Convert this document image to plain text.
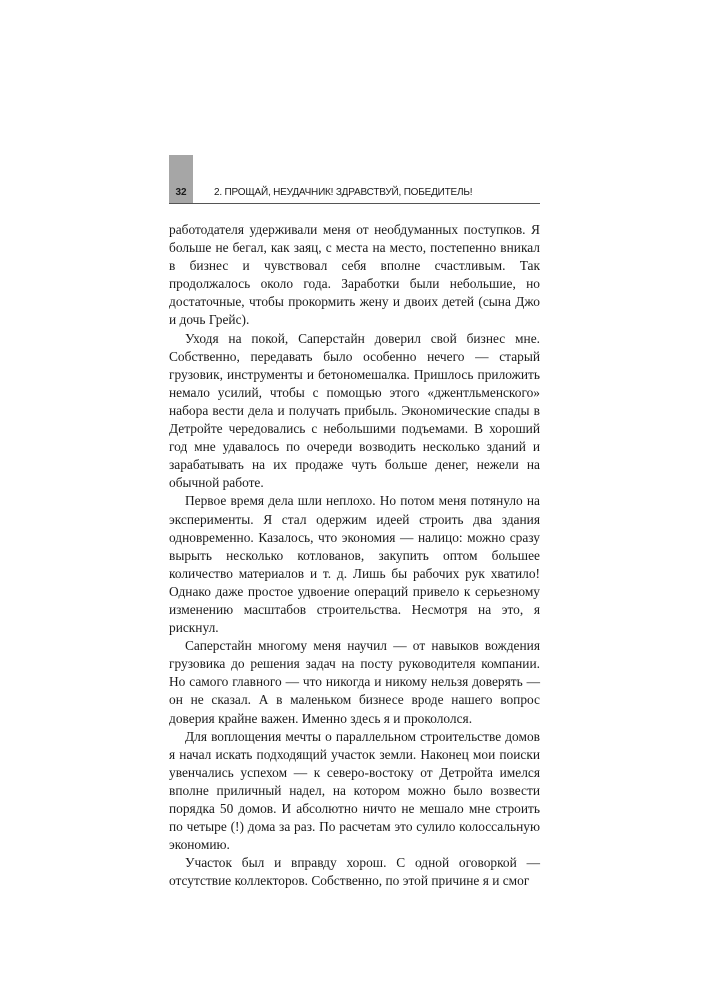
32	2. ПРОЩАЙ, НЕУДАЧНИК! ЗДРАВСТВУЙ, ПОБЕДИТЕЛЬ!

работодателя удерживали меня от необдуманных поступков. Я больше не бегал, как заяц, с места на место, постепенно вникал в бизнес и чувствовал себя вполне счастливым. Так продолжалось около года. Заработки были небольшие, но достаточные, чтобы прокормить жену и двоих детей (сына Джо и дочь Грейс).

Уходя на покой, Саперстайн доверил свой бизнес мне. Собственно, передавать было особенно нечего — старый грузовик, инструменты и бетономешалка. Пришлось приложить немало усилий, чтобы с помощью этого «джентльменского» набора вести дела и получать прибыль. Экономические спады в Детройте чередовались с небольшими подъемами. В хороший год мне удавалось по очереди возводить несколько зданий и зарабатывать на их продаже чуть больше денег, нежели на обычной работе.

Первое время дела шли неплохо. Но потом меня потянуло на эксперименты. Я стал одержим идеей строить два здания одновременно. Казалось, что экономия — налицо: можно сразу вырыть несколько котлованов, закупить оптом большее количество материалов и т. д. Лишь бы рабочих рук хватило! Однако даже простое удвоение операций привело к серьезному изменению масштабов строительства. Несмотря на это, я рискнул.

Саперстайн многому меня научил — от навыков вождения грузовика до решения задач на посту руководителя компании. Но самого главного — что никогда и никому нельзя доверять — он не сказал. А в маленьком бизнесе вроде нашего вопрос доверия крайне важен. Именно здесь я и прокололся.

Для воплощения мечты о параллельном строительстве домов я начал искать подходящий участок земли. Наконец мои поиски увенчались успехом — к северо-востоку от Детройта имелся вполне приличный надел, на котором можно было возвести порядка 50 домов. И абсолютно ничто не мешало мне строить по четыре (!) дома за раз. По расчетам это сулило колоссальную экономию.

Участок был и вправду хорош. С одной оговоркой — отсутствие коллекторов. Собственно, по этой причине я и смог
